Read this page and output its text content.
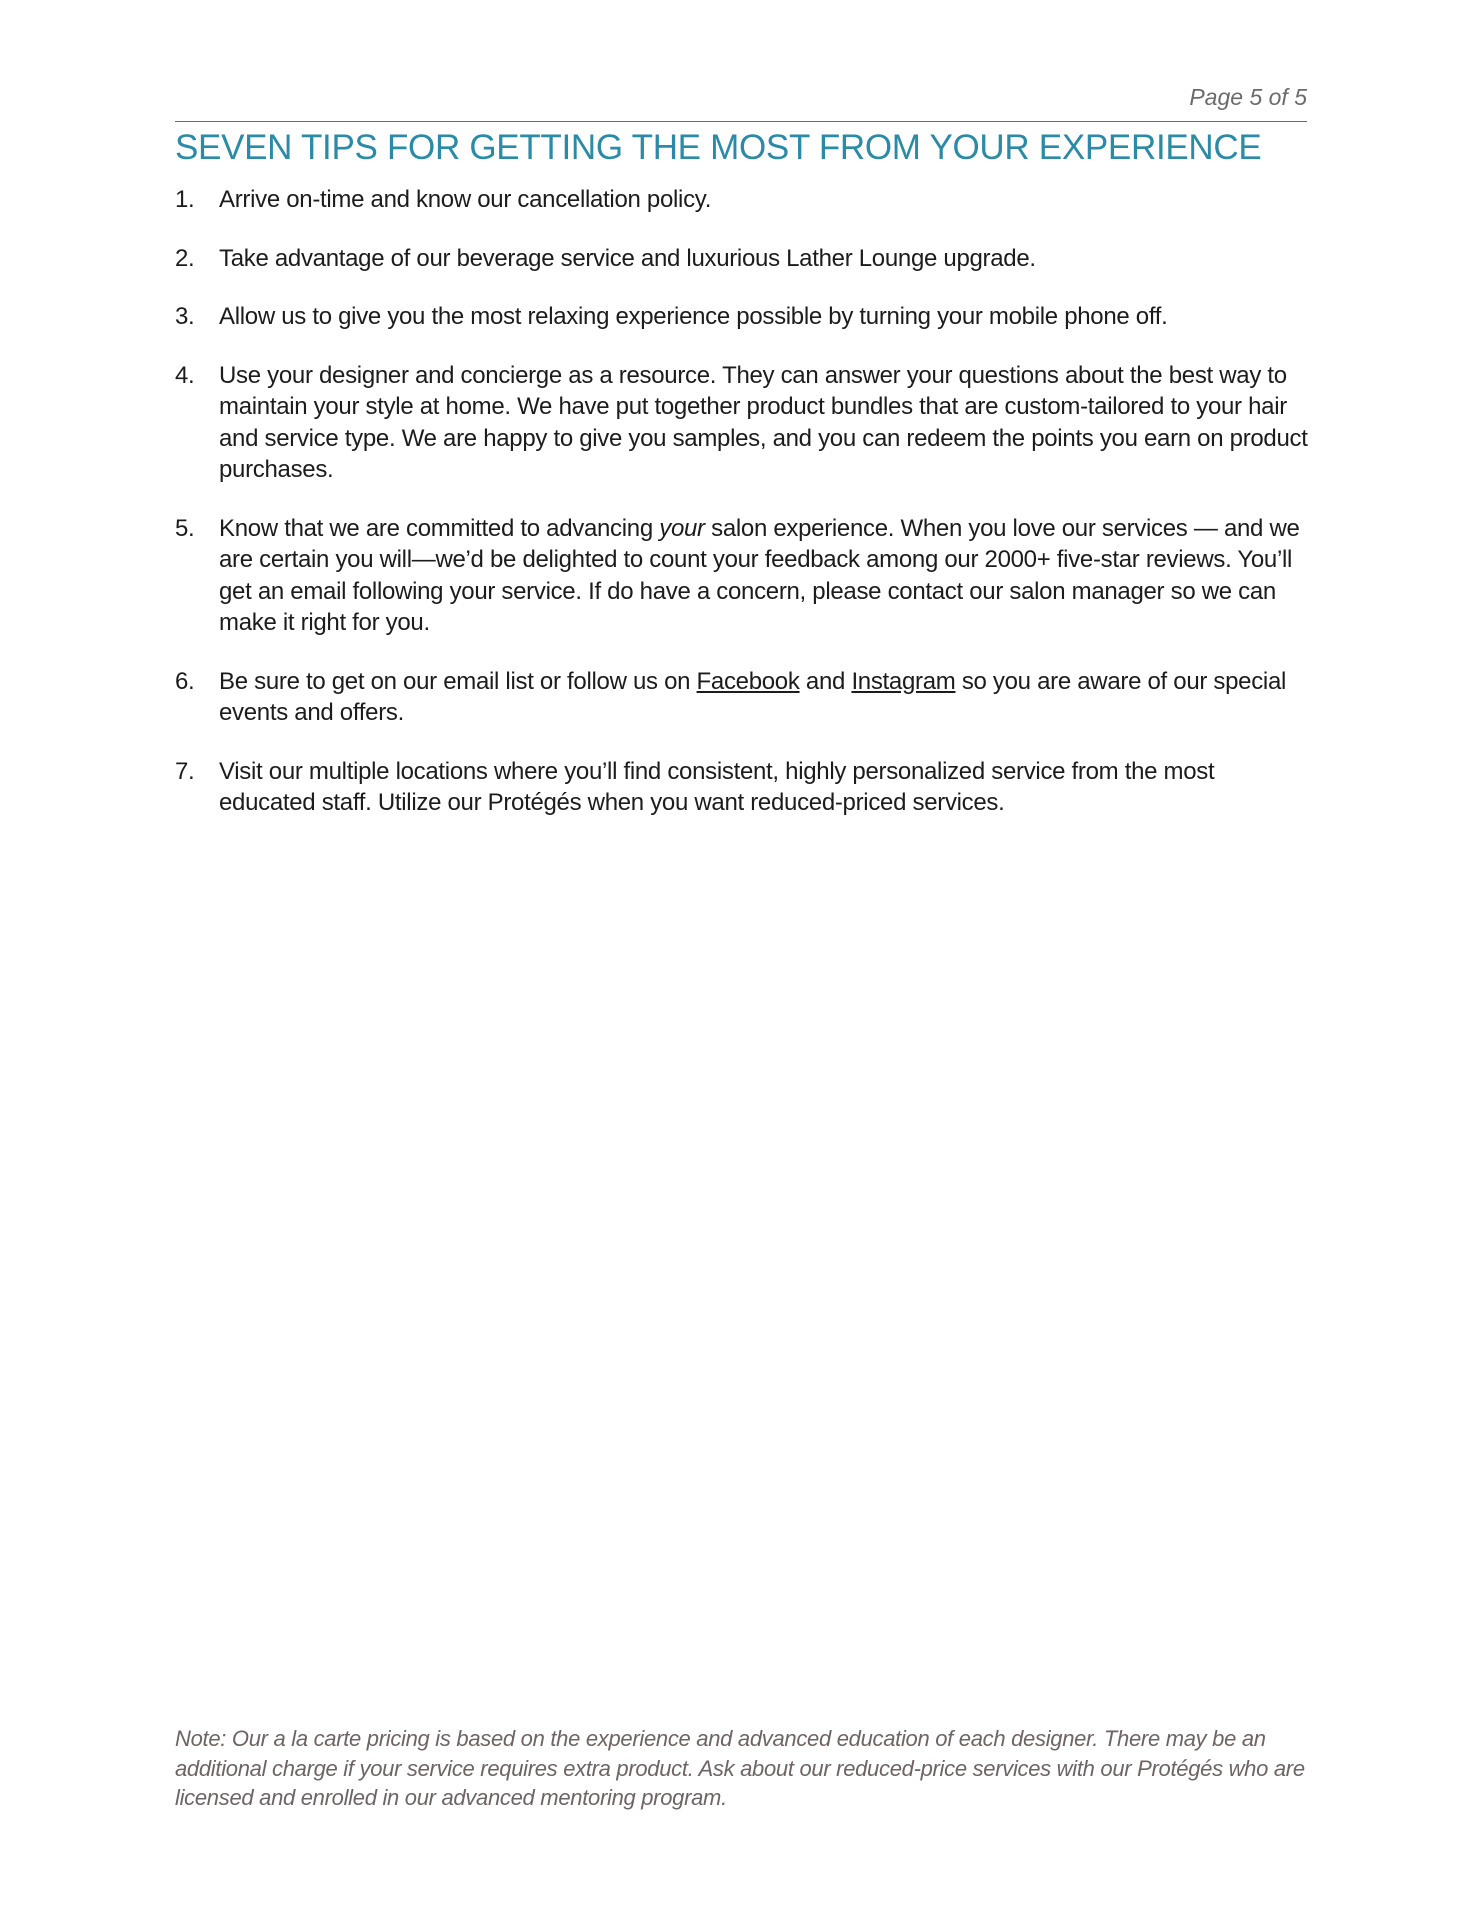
Page 5 of 5
SEVEN TIPS FOR GETTING THE MOST FROM YOUR EXPERIENCE
1. Arrive on-time and know our cancellation policy.
2. Take advantage of our beverage service and luxurious Lather Lounge upgrade.
3. Allow us to give you the most relaxing experience possible by turning your mobile phone off.
4. Use your designer and concierge as a resource. They can answer your questions about the best way to maintain your style at home. We have put together product bundles that are custom-tailored to your hair and service type. We are happy to give you samples, and you can redeem the points you earn on product purchases.
5. Know that we are committed to advancing your salon experience. When you love our services — and we are certain you will—we’d be delighted to count your feedback among our 2000+ five-star reviews. You’ll get an email following your service. If do have a concern, please contact our salon manager so we can make it right for you.
6. Be sure to get on our email list or follow us on Facebook and Instagram so you are aware of our special events and offers.
7. Visit our multiple locations where you’ll find consistent, highly personalized service from the most educated staff. Utilize our Protégés when you want reduced-priced services.
Note: Our a la carte pricing is based on the experience and advanced education of each designer. There may be an additional charge if your service requires extra product. Ask about our reduced-price services with our Protégés who are licensed and enrolled in our advanced mentoring program.
